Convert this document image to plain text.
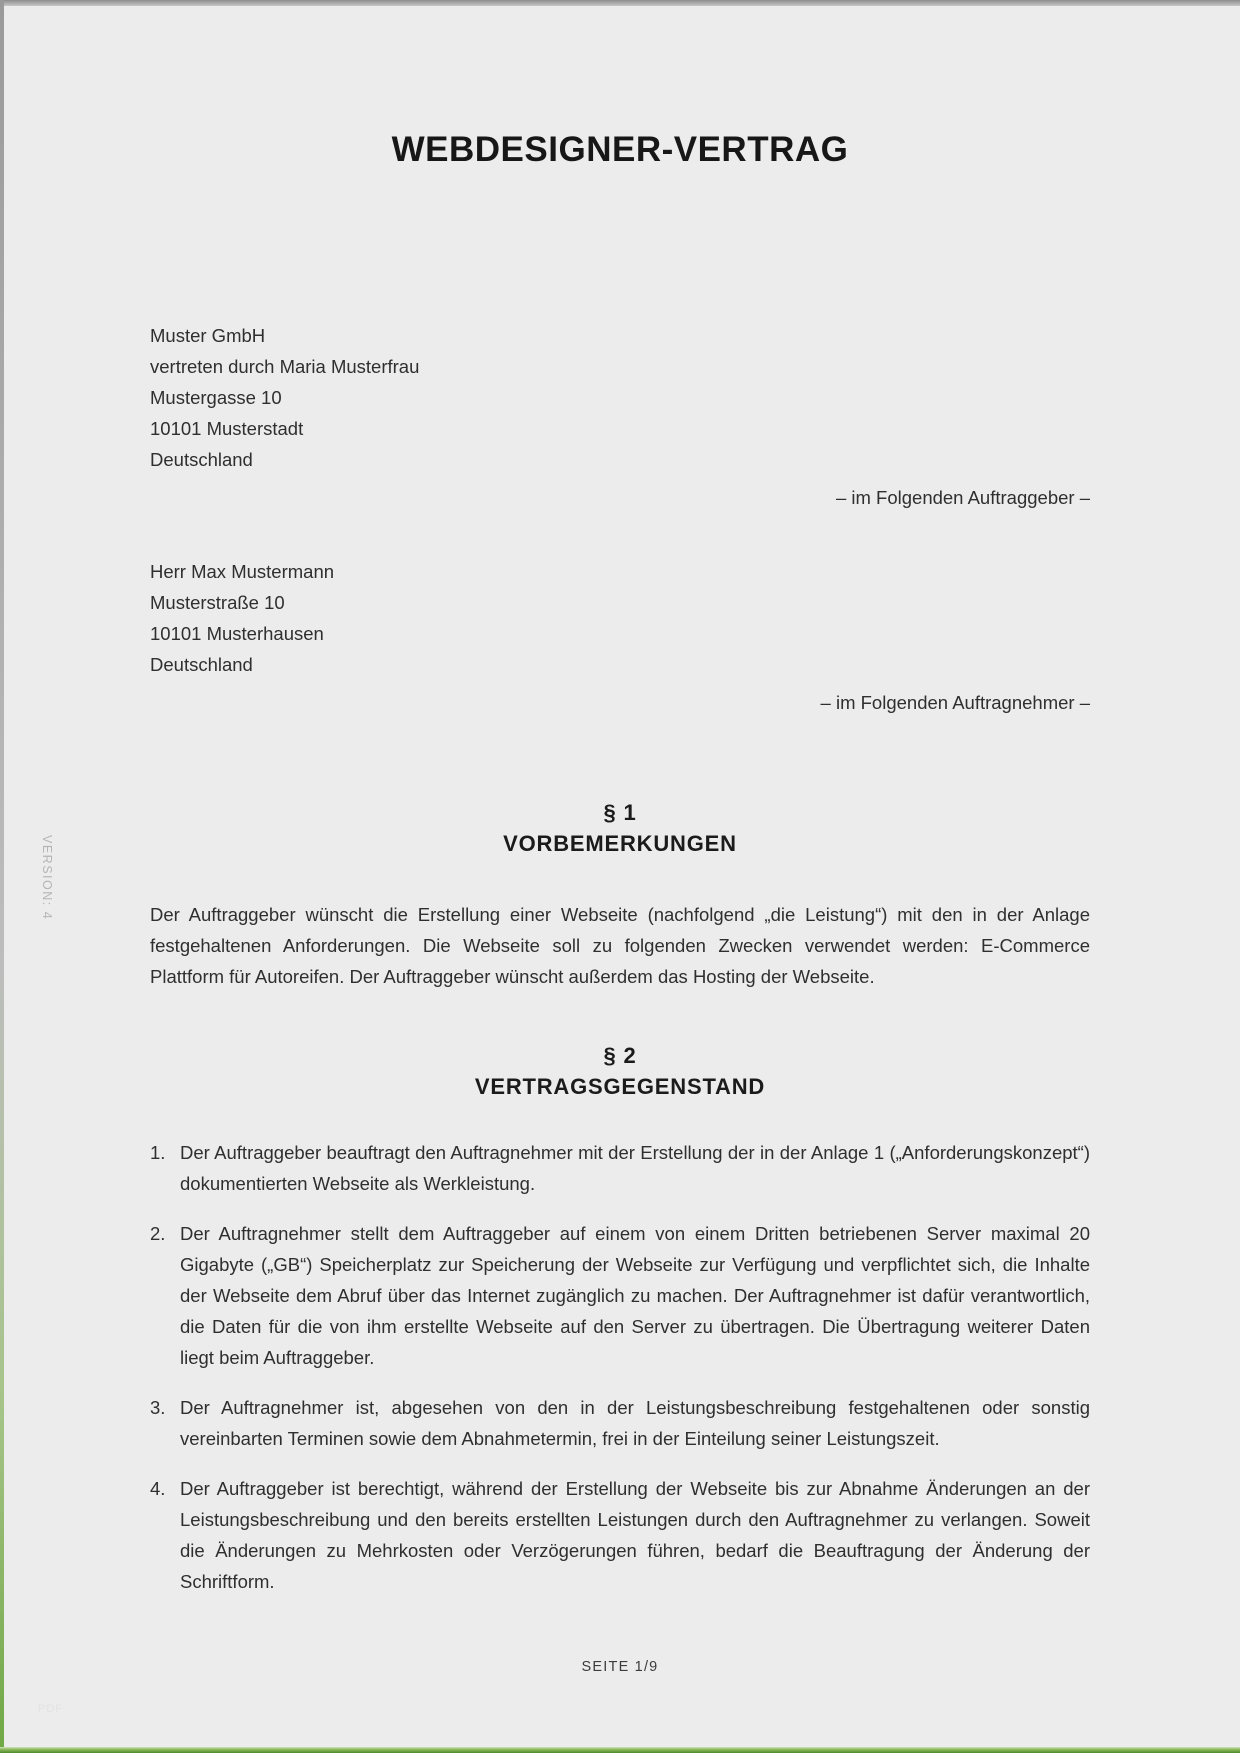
VERSION: 4
WEBDESIGNER-VERTRAG
Muster GmbH
vertreten durch Maria Musterfrau
Mustergasse 10
10101 Musterstadt
Deutschland
– im Folgenden Auftraggeber –
Herr Max Mustermann
Musterstraße 10
10101 Musterhausen
Deutschland
– im Folgenden Auftragnehmer –
§ 1
VORBEMERKUNGEN

Der Auftraggeber wünscht die Erstellung einer Webseite (nachfolgend „die Leistung“) mit den in der Anlage festgehaltenen Anforderungen. Die Webseite soll zu folgenden Zwecken verwendet werden: E-Commerce Plattform für Autoreifen. Der Auftraggeber wünscht außerdem das Hosting der Webseite.

§ 2
VERTRAGSGEGENSTAND
1. Der Auftraggeber beauftragt den Auftragnehmer mit der Erstellung der in der Anlage 1 („Anforderungskonzept“) dokumentierten Webseite als Werkleistung.
2. Der Auftragnehmer stellt dem Auftraggeber auf einem von einem Dritten betriebenen Server maximal 20 Gigabyte („GB“) Speicherplatz zur Speicherung der Webseite zur Verfügung und verpflichtet sich, die Inhalte der Webseite dem Abruf über das Internet zugänglich zu machen. Der Auftragnehmer ist dafür verantwortlich, die Daten für die von ihm erstellte Webseite auf den Server zu übertragen. Die Übertragung weiterer Daten liegt beim Auftraggeber.
3. Der Auftragnehmer ist, abgesehen von den in der Leistungsbeschreibung festgehaltenen oder sonstig vereinbarten Terminen sowie dem Abnahmetermin, frei in der Einteilung seiner Leistungszeit.
4. Der Auftraggeber ist berechtigt, während der Erstellung der Webseite bis zur Abnahme Änderungen an der Leistungsbeschreibung und den bereits erstellten Leistungen durch den Auftragnehmer zu verlangen. Soweit die Änderungen zu Mehrkosten oder Verzögerungen führen, bedarf die Beauftragung der Änderung der Schriftform.
SEITE 1/9
PDF
